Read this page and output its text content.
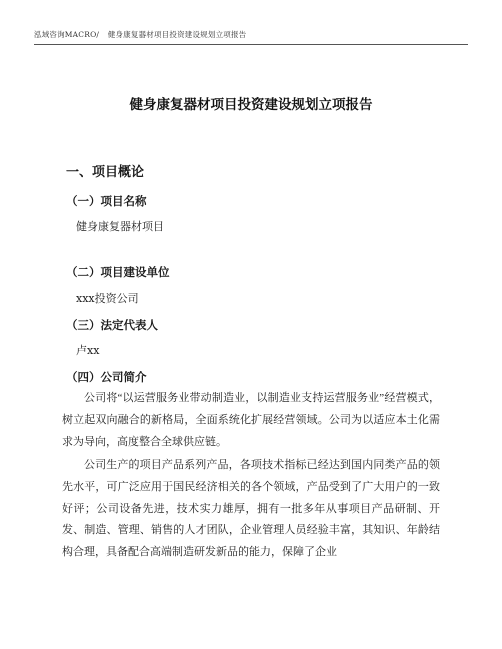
泓域咨询MACRO/ 健身康复器材项目投资建设规划立项报告
健身康复器材项目投资建设规划立项报告
一、项目概论
（一）项目名称
健身康复器材项目
（二）项目建设单位
xxx投资公司
（三）法定代表人
卢xx
（四）公司简介
公司将“以运营服务业带动制造业，以制造业支持运营服务业”经营模式，树立起双向融合的新格局，全面系统化扩展经营领域。公司为以适应本土化需求为导向，高度整合全球供应链。
公司生产的项目产品系列产品，各项技术指标已经达到国内同类产品的领先水平，可广泛应用于国民经济相关的各个领域，产品受到了广大用户的一致好评；公司设备先进，技术实力雄厚，拥有一批多年从事项目产品研制、开发、制造、管理、销售的人才团队，企业管理人员经验丰富，其知识、年龄结构合理，具备配合高端制造研发新品的能力，保障了企业
